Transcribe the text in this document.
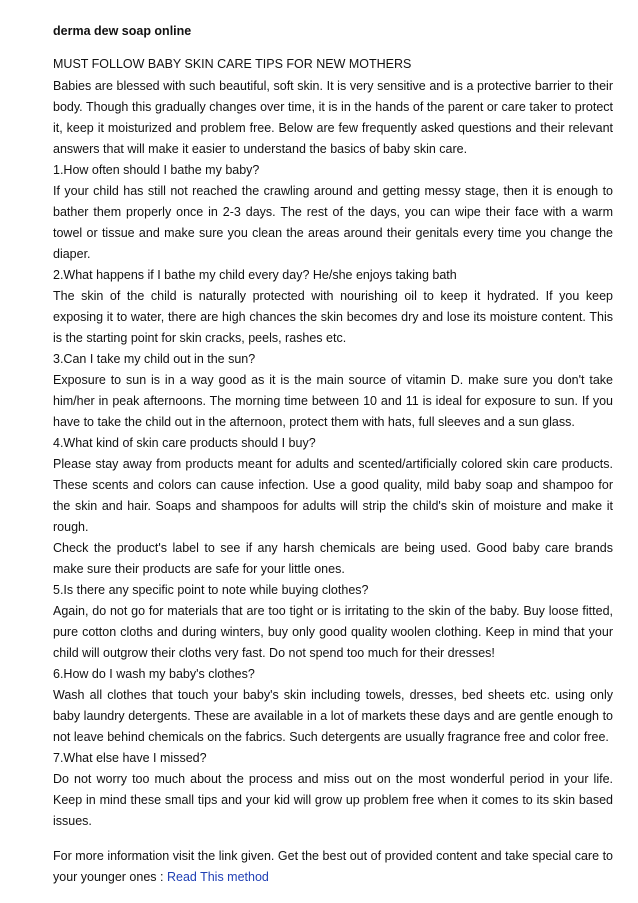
derma dew soap online
MUST FOLLOW BABY SKIN CARE TIPS FOR NEW MOTHERS

Babies are blessed with such beautiful, soft skin. It is very sensitive and is a protective barrier to their body. Though this gradually changes over time, it is in the hands of the parent or care taker to protect it, keep it moisturized and problem free. Below are few frequently asked questions and their relevant answers that will make it easier to understand the basics of baby skin care.

1.How often should I bathe my baby?

If your child has still not reached the crawling around and getting messy stage, then it is enough to bather them properly once in 2-3 days. The rest of the days, you can wipe their face with a warm towel or tissue and make sure you clean the areas around their genitals every time you change the diaper.

2.What happens if I bathe my child every day? He/she enjoys taking bath

The skin of the child is naturally protected with nourishing oil to keep it hydrated. If you keep exposing it to water, there are high chances the skin becomes dry and lose its moisture content. This is the starting point for skin cracks, peels, rashes etc.

3.Can I take my child out in the sun?

Exposure to sun is in a way good as it is the main source of vitamin D. make sure you don't take him/her in peak afternoons. The morning time between 10 and 11 is ideal for exposure to sun. If you have to take the child out in the afternoon, protect them with hats, full sleeves and a sun glass.

4.What kind of skin care products should I buy?

Please stay away from products meant for adults and scented/artificially colored skin care products. These scents and colors can cause infection. Use a good quality, mild baby soap and shampoo for the skin and hair. Soaps and shampoos for adults will strip the child's skin of moisture and make it rough.

Check the product's label to see if any harsh chemicals are being used. Good baby care brands make sure their products are safe for your little ones.

5.Is there any specific point to note while buying clothes?

Again, do not go for materials that are too tight or is irritating to the skin of the baby. Buy loose fitted, pure cotton cloths and during winters, buy only good quality woolen clothing. Keep in mind that your child will outgrow their cloths very fast. Do not spend too much for their dresses!

6.How do I wash my baby's clothes?

Wash all clothes that touch your baby's skin including towels, dresses, bed sheets etc. using only baby laundry detergents. These are available in a lot of markets these days and are gentle enough to not leave behind chemicals on the fabrics. Such detergents are usually fragrance free and color free.

7.What else have I missed?

Do not worry too much about the process and miss out on the most wonderful period in your life. Keep in mind these small tips and your kid will grow up problem free when it comes to its skin based issues.

For more information visit the link given. Get the best out of provided content and take special care to your younger ones : Read This method
